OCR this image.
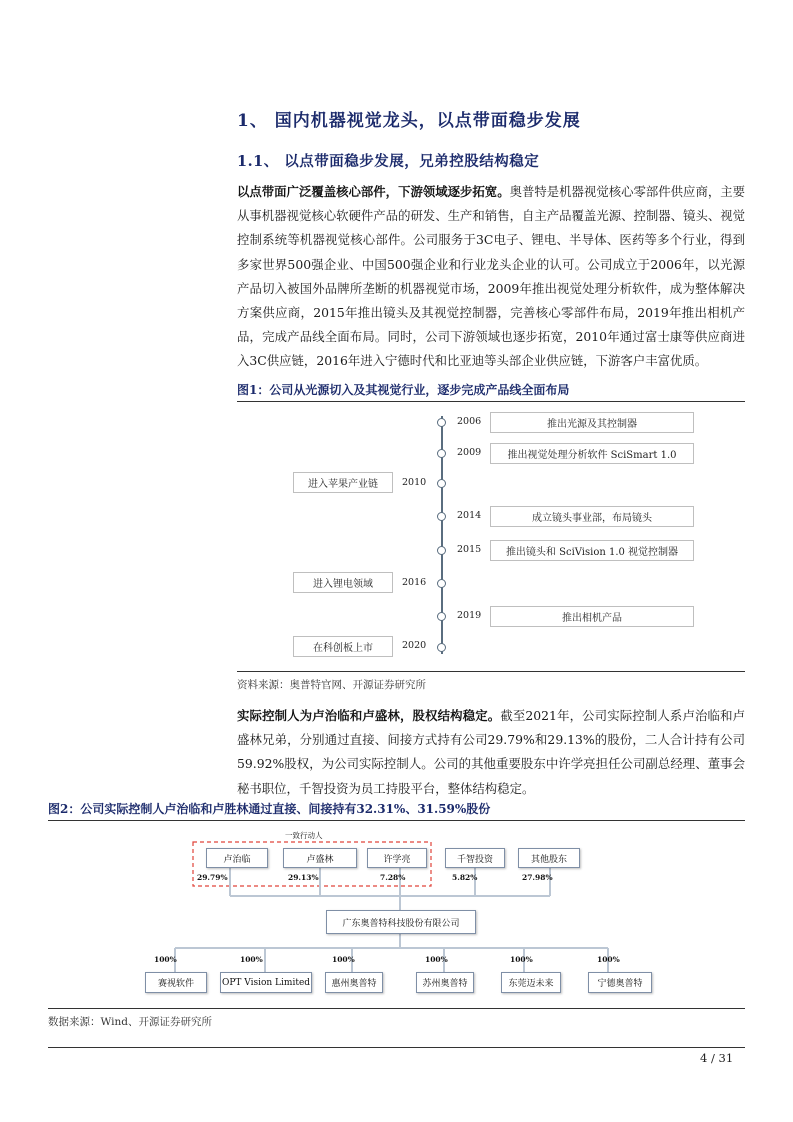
1、 国内机器视觉龙头，以点带面稳步发展
1.1、 以点带面稳步发展，兄弟控股结构稳定
以点带面广泛覆盖核心部件，下游领域逐步拓宽。奥普特是机器视觉核心零部件供应商，主要从事机器视觉核心软硬件产品的研发、生产和销售，自主产品覆盖光源、控制器、镜头、视觉控制系统等机器视觉核心部件。公司服务于3C电子、锂电、半导体、医药等多个行业，得到多家世界500强企业、中国500强企业和行业龙头企业的认可。公司成立于2006年，以光源产品切入被国外品牌所垄断的机器视觉市场，2009年推出视觉处理分析软件，成为整体解决方案供应商，2015年推出镜头及其视觉控制器，完善核心零部件布局，2019年推出相机产品，完成产品线全面布局。同时，公司下游领域也逐步拓宽，2010年通过富士康等供应商进入3C供应链，2016年进入宁德时代和比亚迪等头部企业供应链，下游客户丰富优质。
图1：公司从光源切入及其视觉行业，逐步完成产品线全面布局
2006	推出光源及其控制器
2009	推出视觉处理分析软件 SciSmart 1.0
2014	成立镜头事业部，布局镜头
2015	推出镜头和 SciVision 1.0 视觉控制器
2019	推出相机产品
2010
进入苹果产业链
2016
进入锂电领域
2020
在科创板上市
资料来源：奥普特官网、开源证券研究所
实际控制人为卢治临和卢盛林，股权结构稳定。截至2021年，公司实际控制人系卢治临和卢盛林兄弟，分别通过直接、间接方式持有公司29.79%和29.13%的股份，二人合计持有公司59.92%股权，为公司实际控制人。公司的其他重要股东中许学亮担任公司副总经理、董事会秘书职位，千智投资为员工持股平台，整体结构稳定。
图2：公司实际控制人卢治临和卢胜林通过直接、间接持有32.31%、31.59%股份
一致行动人
卢治临
29.79%
卢盛林
29.13%
许学亮
7.28%
千智投资
5.82%
其他股东
27.98%
广东奥普特科技股份有限公司
100%
赛视软件
100%
OPT Vision Limited
100%
惠州奥普特
100%
苏州奥普特
100%
东莞迈未来
100%
宁德奥普特
数据来源：Wind、开源证券研究所
4 / 31
